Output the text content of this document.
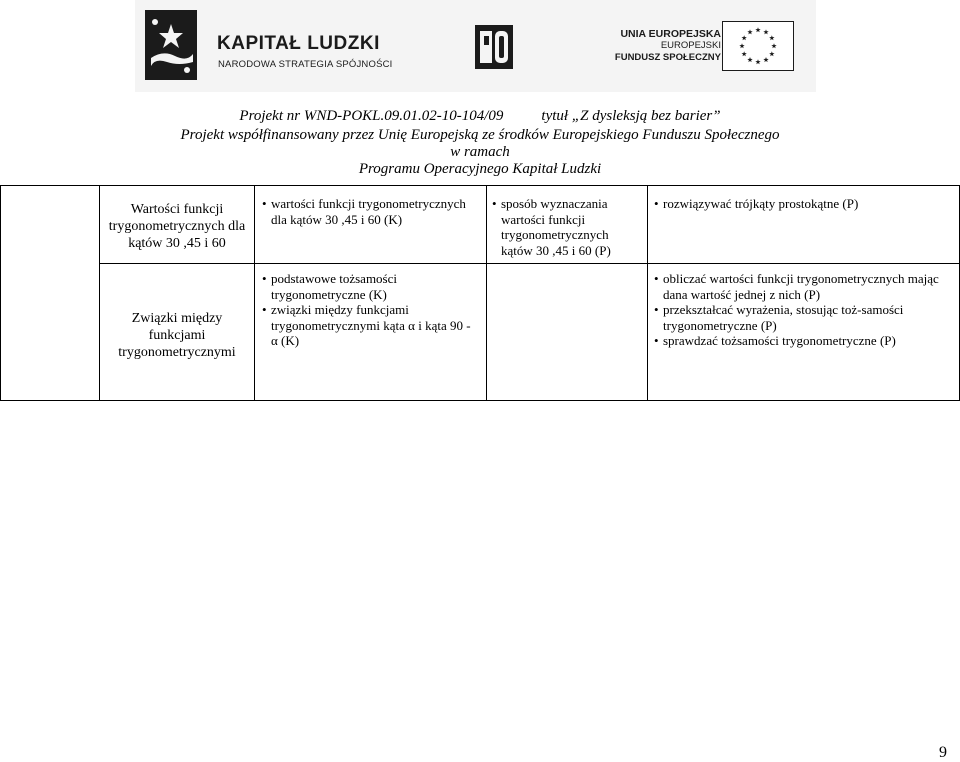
KAPITAŁ LUDZKI
NARODOWA STRATEGIA SPÓJNOŚCI
UNIA EUROPEJSKA
EUROPEJSKI
FUNDUSZ SPOŁECZNY
Projekt nr WND-POKL.09.01.02-10-104/09	tytuł „Z dysleksją bez barier”
Projekt współfinansowany przez Unię Europejską ze środków Europejskiego Funduszu Społecznego
w ramach
Programu Operacyjnego Kapitał Ludzki
Wartości funkcji trygonometrycznych dla kątów 30 ,45 i 60
• wartości funkcji trygonometrycznych dla kątów 30 ,45 i 60 (K)
• sposób wyznaczania wartości funkcji trygonometrycznych kątów 30 ,45 i 60 (P)
• rozwiązywać trójkąty prostokątne (P)
Związki między funkcjami trygonometrycznymi
• podstawowe tożsamości trygonometryczne (K)
• związki między funkcjami trygonometrycznymi kąta α i kąta 90 - α (K)
• obliczać wartości funkcji trygonometrycznych mając dana wartość jednej z nich (P)
• przekształcać wyrażenia, stosując toż-samości trygonometryczne (P)
• sprawdzać tożsamości trygonometryczne (P)
9
